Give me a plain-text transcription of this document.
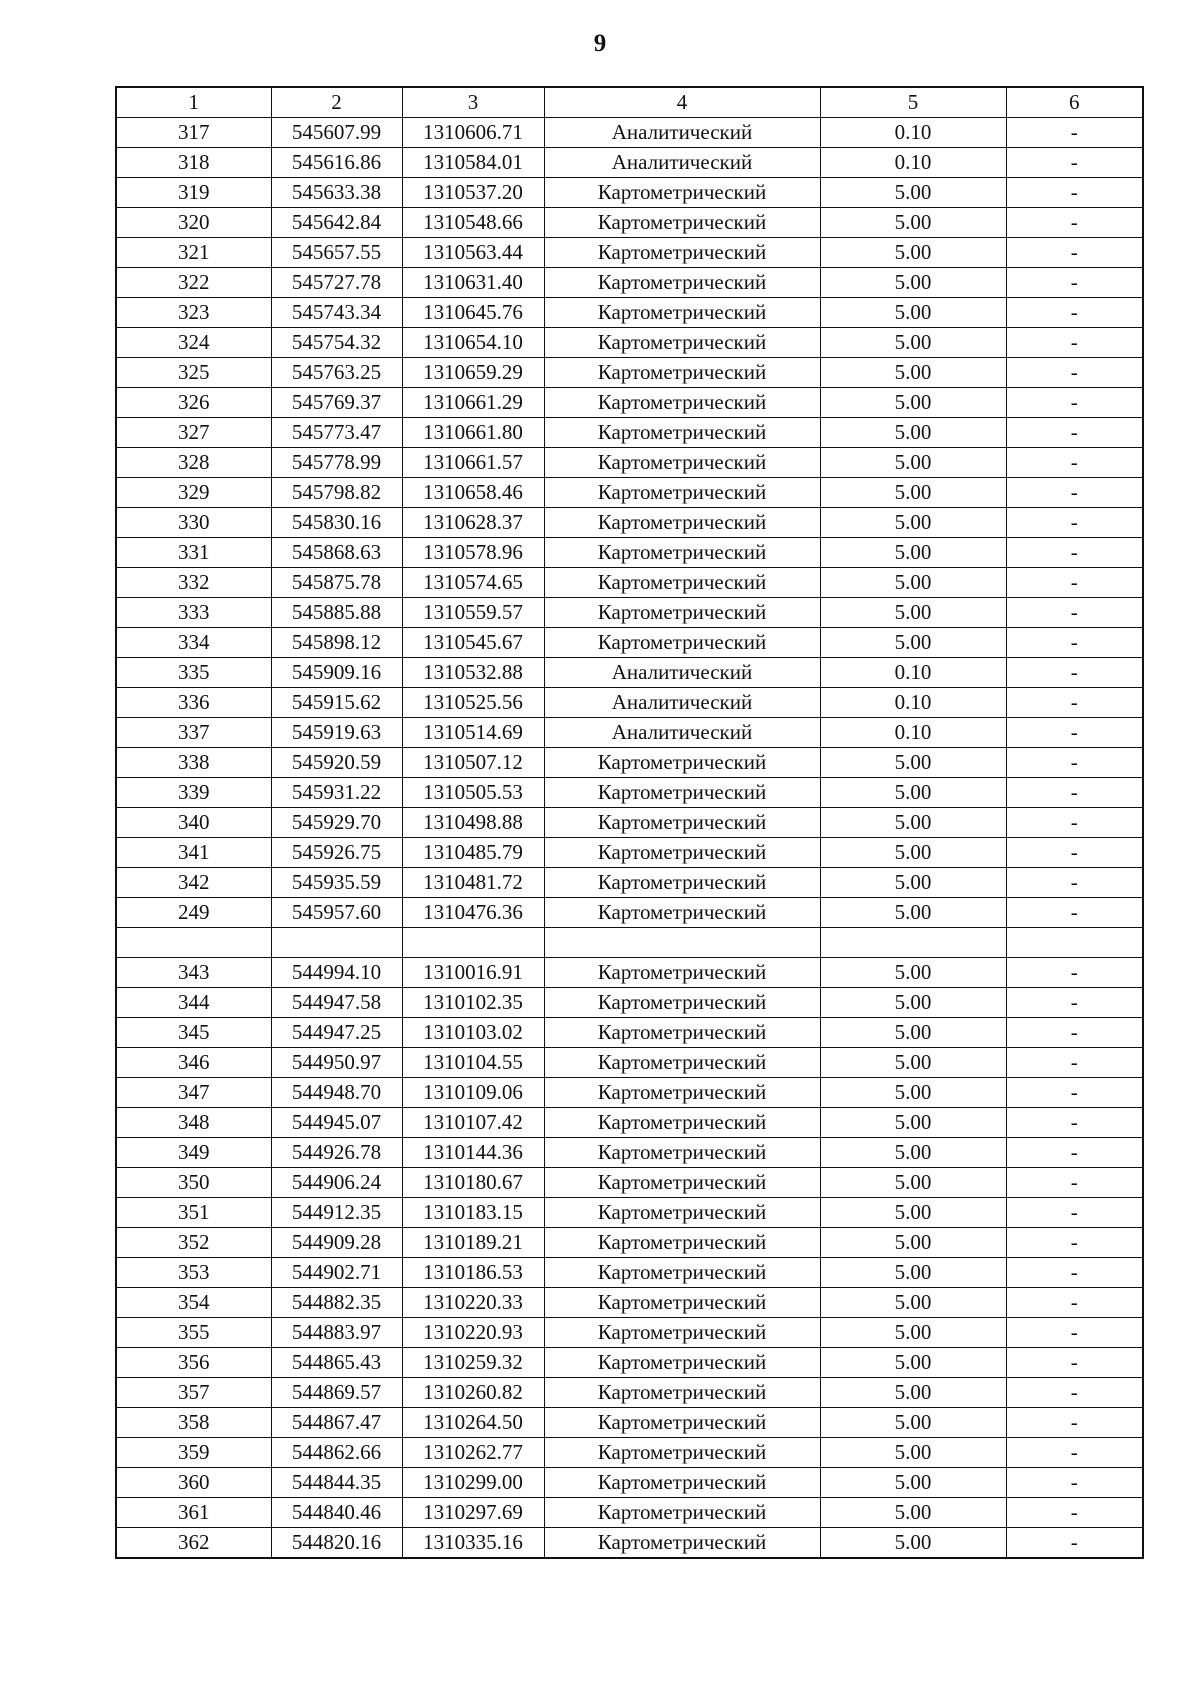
9
1	2	3	4	5	6
317	545607.99	1310606.71	Аналитический	0.10	-
318	545616.86	1310584.01	Аналитический	0.10	-
319	545633.38	1310537.20	Картометрический	5.00	-
320	545642.84	1310548.66	Картометрический	5.00	-
321	545657.55	1310563.44	Картометрический	5.00	-
322	545727.78	1310631.40	Картометрический	5.00	-
323	545743.34	1310645.76	Картометрический	5.00	-
324	545754.32	1310654.10	Картометрический	5.00	-
325	545763.25	1310659.29	Картометрический	5.00	-
326	545769.37	1310661.29	Картометрический	5.00	-
327	545773.47	1310661.80	Картометрический	5.00	-
328	545778.99	1310661.57	Картометрический	5.00	-
329	545798.82	1310658.46	Картометрический	5.00	-
330	545830.16	1310628.37	Картометрический	5.00	-
331	545868.63	1310578.96	Картометрический	5.00	-
332	545875.78	1310574.65	Картометрический	5.00	-
333	545885.88	1310559.57	Картометрический	5.00	-
334	545898.12	1310545.67	Картометрический	5.00	-
335	545909.16	1310532.88	Аналитический	0.10	-
336	545915.62	1310525.56	Аналитический	0.10	-
337	545919.63	1310514.69	Аналитический	0.10	-
338	545920.59	1310507.12	Картометрический	5.00	-
339	545931.22	1310505.53	Картометрический	5.00	-
340	545929.70	1310498.88	Картометрический	5.00	-
341	545926.75	1310485.79	Картометрический	5.00	-
342	545935.59	1310481.72	Картометрический	5.00	-
249	545957.60	1310476.36	Картометрический	5.00	-

343	544994.10	1310016.91	Картометрический	5.00	-
344	544947.58	1310102.35	Картометрический	5.00	-
345	544947.25	1310103.02	Картометрический	5.00	-
346	544950.97	1310104.55	Картометрический	5.00	-
347	544948.70	1310109.06	Картометрический	5.00	-
348	544945.07	1310107.42	Картометрический	5.00	-
349	544926.78	1310144.36	Картометрический	5.00	-
350	544906.24	1310180.67	Картометрический	5.00	-
351	544912.35	1310183.15	Картометрический	5.00	-
352	544909.28	1310189.21	Картометрический	5.00	-
353	544902.71	1310186.53	Картометрический	5.00	-
354	544882.35	1310220.33	Картометрический	5.00	-
355	544883.97	1310220.93	Картометрический	5.00	-
356	544865.43	1310259.32	Картометрический	5.00	-
357	544869.57	1310260.82	Картометрический	5.00	-
358	544867.47	1310264.50	Картометрический	5.00	-
359	544862.66	1310262.77	Картометрический	5.00	-
360	544844.35	1310299.00	Картометрический	5.00	-
361	544840.46	1310297.69	Картометрический	5.00	-
362	544820.16	1310335.16	Картометрический	5.00	-
